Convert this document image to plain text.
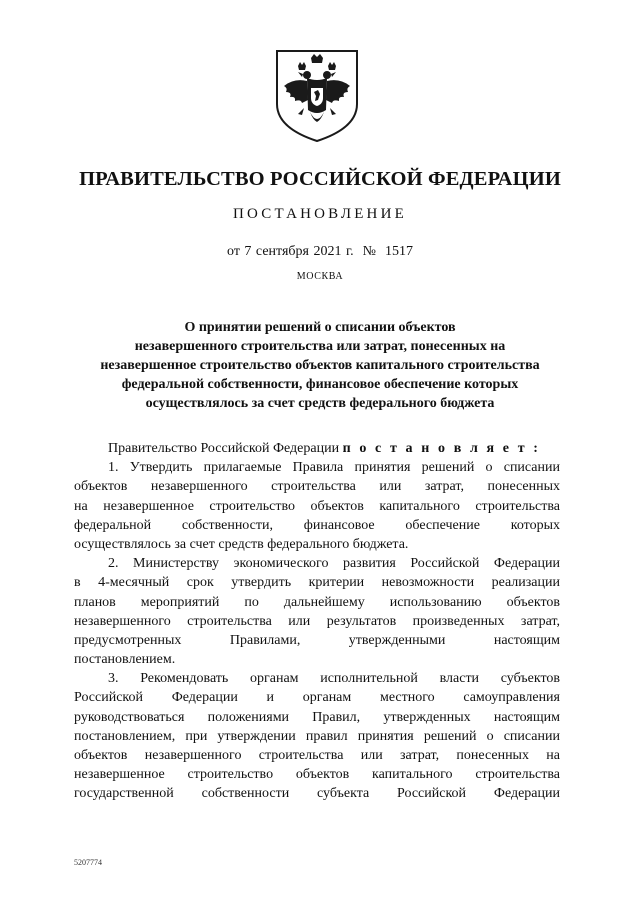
ПРАВИТЕЛЬСТВО РОССИЙСКОЙ ФЕДЕРАЦИИ
ПОСТАНОВЛЕНИЕ
от 7 сентября 2021 г. № 1517
МОСКВА
О принятии решений о списании объектов
незавершенного строительства или затрат, понесенных на
незавершенное строительство объектов капитального строительства
федеральной собственности, финансовое обеспечение которых
осуществлялось за счет средств федерального бюджета
Правительство Российской Федерации п о с т а н о в л я е т :
1. Утвердить прилагаемые Правила принятия решений о списании
объектов незавершенного строительства или затрат, понесенных
на незавершенное строительство объектов капитального строительства
федеральной собственности, финансовое обеспечение которых
осуществлялось за счет средств федерального бюджета.
2. Министерству экономического развития Российской Федерации
в 4-месячный срок утвердить критерии невозможности реализации
планов мероприятий по дальнейшему использованию объектов
незавершенного строительства или результатов произведенных затрат,
предусмотренных Правилами, утвержденными настоящим
постановлением.
3. Рекомендовать органам исполнительной власти субъектов
Российской Федерации и органам местного самоуправления
руководствоваться положениями Правил, утвержденных настоящим
постановлением, при утверждении правил принятия решений о списании
объектов незавершенного строительства или затрат, понесенных на
незавершенное строительство объектов капитального строительства
государственной собственности субъекта Российской Федерации
5207774
